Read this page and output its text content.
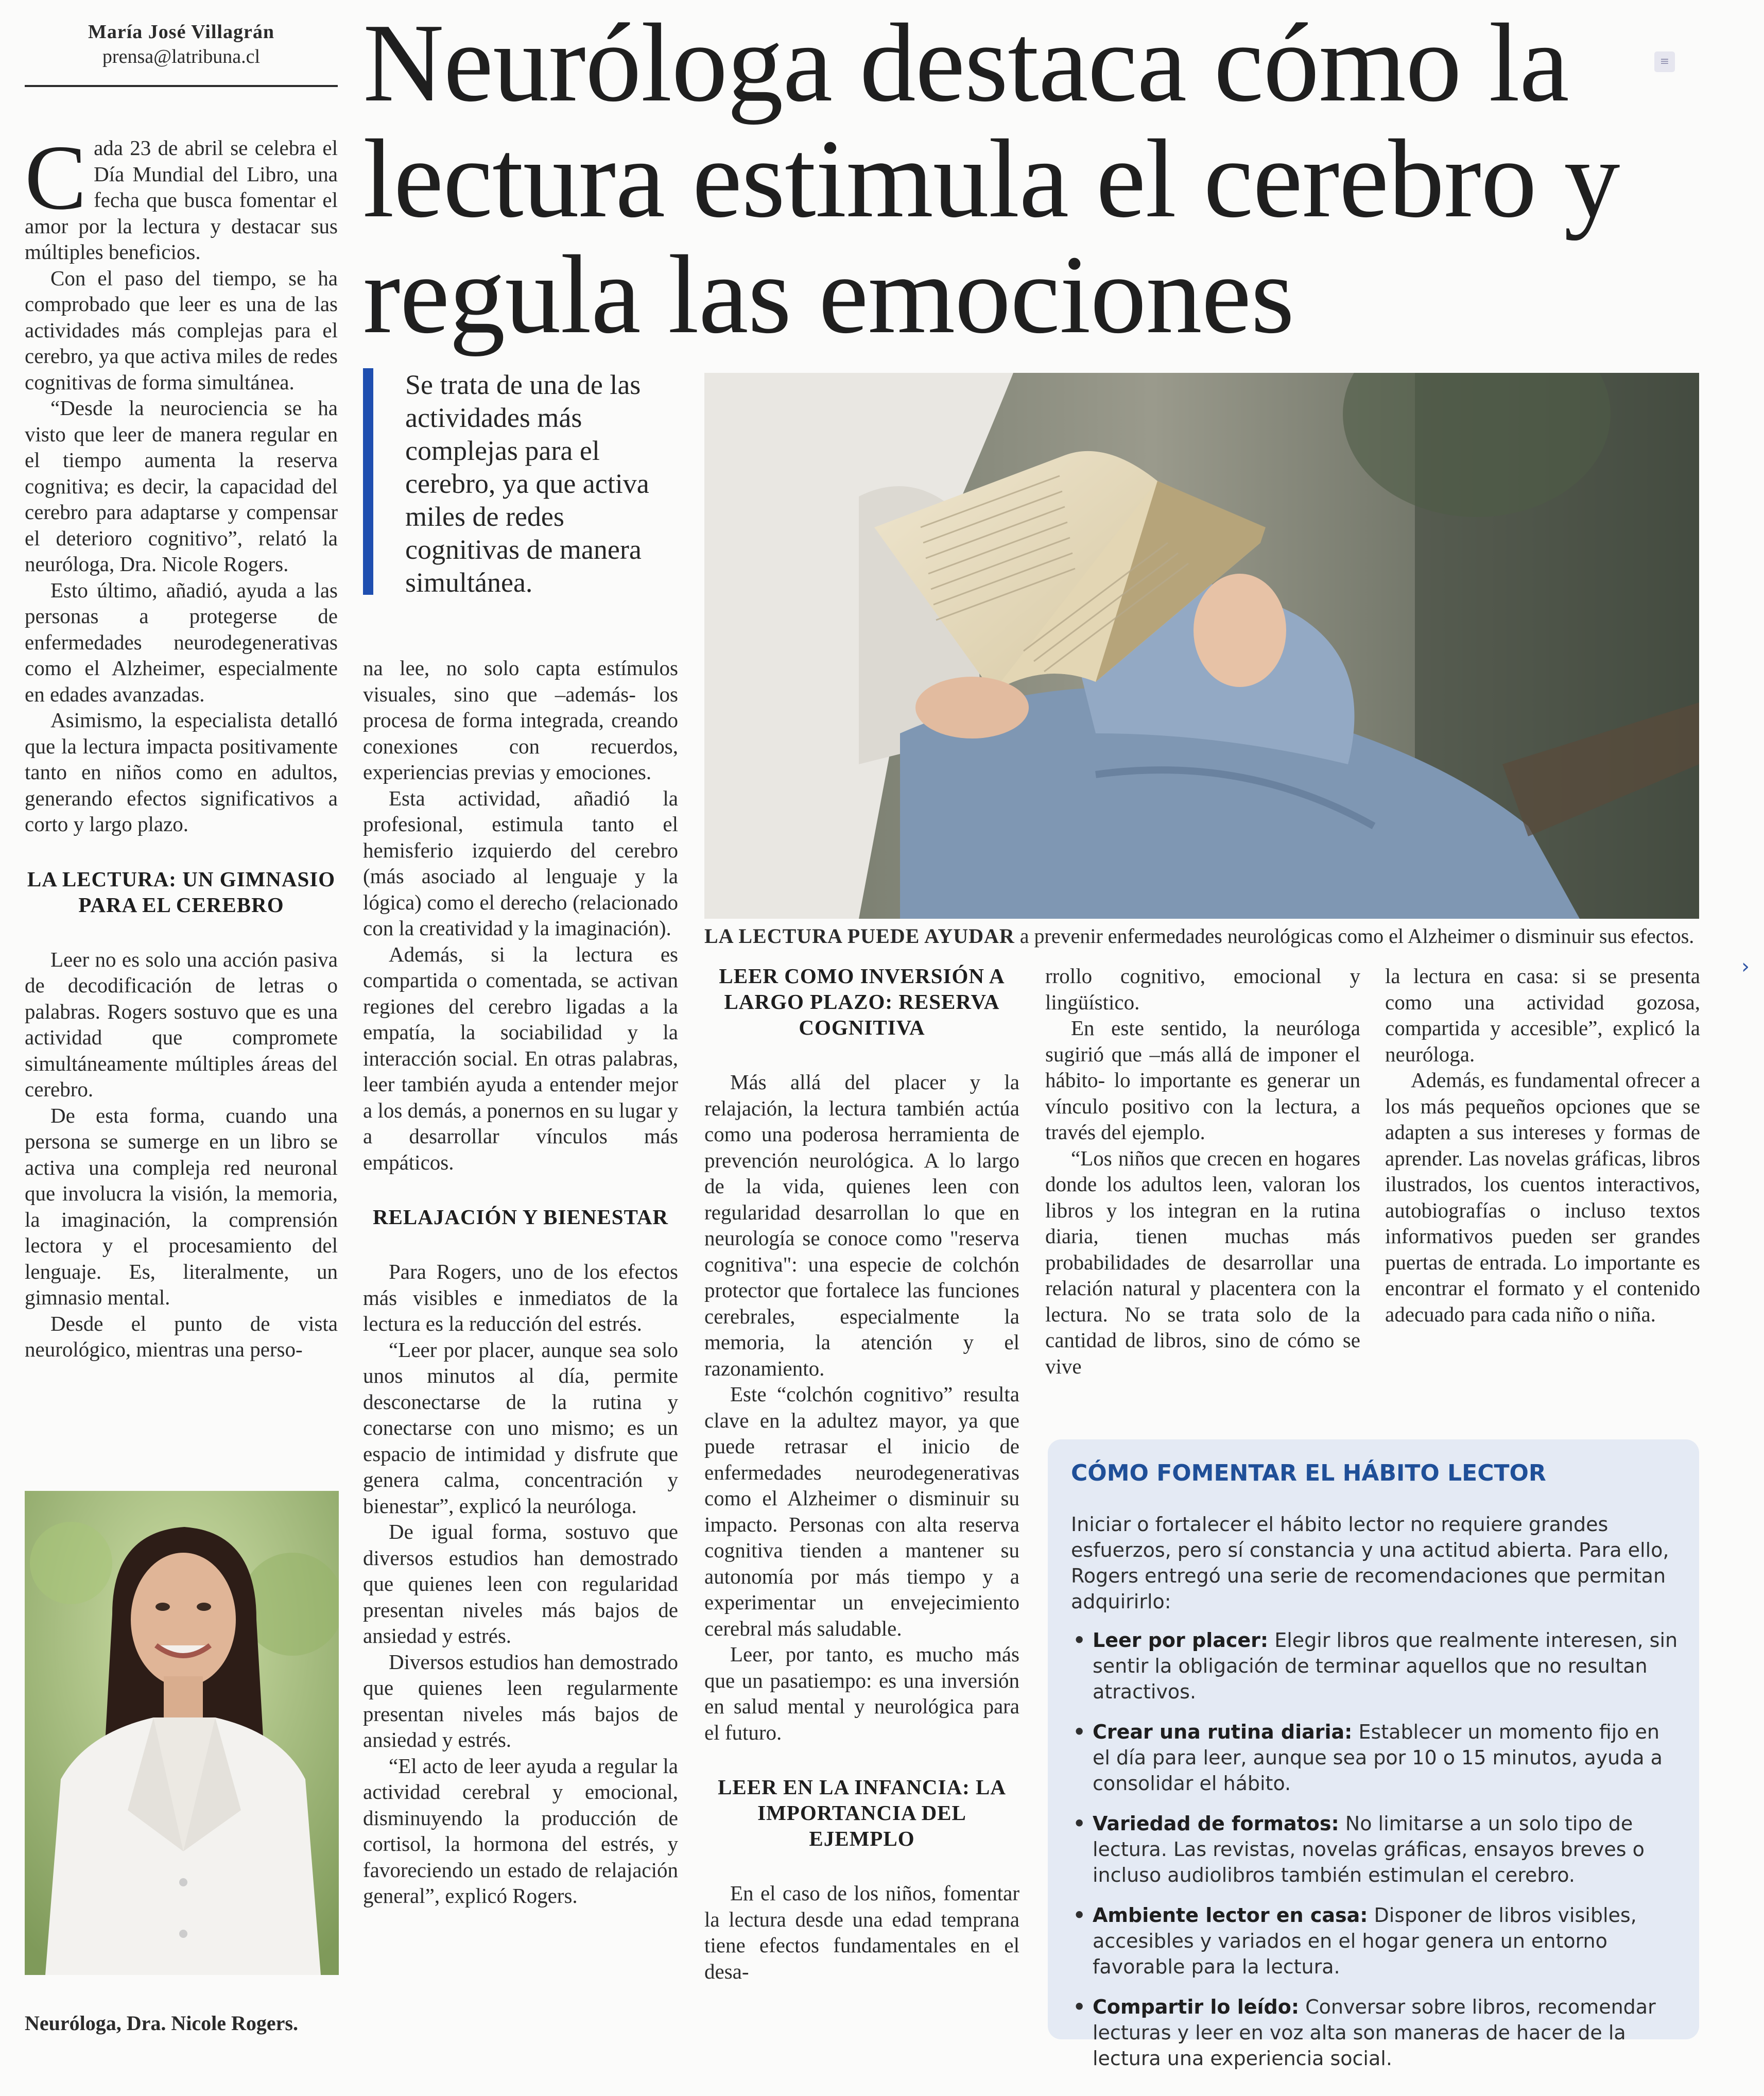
María José Villagrán
prensa@latribuna.cl Neuróloga destaca cómo la lectura estimula el cerebro y regula las emociones
≡
Se trata de una de las actividades más complejas para el cerebro, ya que activa miles de redes cognitivas de manera simultánea.
LA LECTURA PUEDE AYUDAR a prevenir enfermedades neurológicas como el Alzheimer o disminuir sus efectos.

Cada 23 de abril se celebra el Día Mundial del Libro, una fecha que busca fomentar el amor por la lectura y destacar sus múltiples beneficios.

Con el paso del tiempo, se ha comprobado que leer es una de las actividades más complejas para el cerebro, ya que activa miles de redes cognitivas de forma simultánea.

“Desde la neurociencia se ha visto que leer de manera regular en el tiempo aumenta la reserva cognitiva; es decir, la capacidad del cerebro para adaptarse y compensar el deterioro cognitivo”, relató la neuróloga, Dra. Nicole Rogers.

Esto último, añadió, ayuda a las personas a protegerse de enfermedades neurodegenerativas como el Alzheimer, especialmente en edades avanzadas.

Asimismo, la especialista detalló que la lectura impacta positivamente tanto en niños como en adultos, generando efectos significativos a corto y largo plazo.

LA LECTURA: UN GIMNASIO PARA EL CEREBRO

Leer no es solo una acción pasiva de decodificación de letras o palabras. Rogers sostuvo que es una actividad que compromete simultáneamente múltiples áreas del cerebro.

De esta forma, cuando una persona se sumerge en un libro se activa una compleja red neuronal que involucra la visión, la memoria, la imaginación, la comprensión lectora y el procesamiento del lenguaje. Es, literalmente, un gimnasio mental.

Desde el punto de vista neurológico, mientras una perso-

Neuróloga, Dra. Nicole Rogers.

na lee, no solo capta estímulos visuales, sino que –además- los procesa de forma integrada, creando conexiones con recuerdos, experiencias previas y emociones.

Esta actividad, añadió la profesional, estimula tanto el hemisferio izquierdo del cerebro (más asociado al lenguaje y la lógica) como el derecho (relacionado con la creatividad y la imaginación).

Además, si la lectura es compartida o comentada, se activan regiones del cerebro ligadas a la empatía, la sociabilidad y la interacción social. En otras palabras, leer también ayuda a entender mejor a los demás, a ponernos en su lugar y a desarrollar vínculos más empáticos.

RELAJACIÓN Y BIENESTAR

Para Rogers, uno de los efectos más visibles e inmediatos de la lectura es la reducción del estrés.

“Leer por placer, aunque sea solo unos minutos al día, permite desconectarse de la rutina y conectarse con uno mismo; es un espacio de intimidad y disfrute que genera calma, concentración y bienestar”, explicó la neuróloga.

De igual forma, sostuvo que diversos estudios han demostrado que quienes leen con regularidad presentan niveles más bajos de ansiedad y estrés.

Diversos estudios han demostrado que quienes leen regularmente presentan niveles más bajos de ansiedad y estrés.

“El acto de leer ayuda a regular la actividad cerebral y emocional, disminuyendo la producción de cortisol, la hormona del estrés, y favoreciendo un estado de relajación general”, explicó Rogers.

LEER COMO INVERSIÓN A LARGO PLAZO: RESERVA COGNITIVA

Más allá del placer y la relajación, la lectura también actúa como una poderosa herramienta de prevención neurológica. A lo largo de la vida, quienes leen con regularidad desarrollan lo que en neurología se conoce como "reserva cognitiva": una especie de colchón protector que fortalece las funciones cerebrales, especialmente la memoria, la atención y el razonamiento.

Este “colchón cognitivo” resulta clave en la adultez mayor, ya que puede retrasar el inicio de enfermedades neurodegenerativas como el Alzheimer o disminuir su impacto. Personas con alta reserva cognitiva tienden a mantener su autonomía por más tiempo y a experimentar un envejecimiento cerebral más saludable.

Leer, por tanto, es mucho más que un pasatiempo: es una inversión en salud mental y neurológica para el futuro.

LEER EN LA INFANCIA: LA IMPORTANCIA DEL EJEMPLO

En el caso de los niños, fomentar la lectura desde una edad temprana tiene efectos fundamentales en el desa-

rrollo cognitivo, emocional y lingüístico.

En este sentido, la neuróloga sugirió que –más allá de imponer el hábito- lo importante es generar un vínculo positivo con la lectura, a través del ejemplo.

“Los niños que crecen en hogares donde los adultos leen, valoran los libros y los integran en la rutina diaria, tienen muchas más probabilidades de desarrollar una relación natural y placentera con la lectura. No se trata solo de la cantidad de libros, sino de cómo se vive

la lectura en casa: si se presenta como una actividad gozosa, compartida y accesible”, explicó la neuróloga.

Además, es fundamental ofrecer a los más pequeños opciones que se adapten a sus intereses y formas de aprender. Las novelas gráficas, libros ilustrados, los cuentos interactivos, autobiografías o incluso textos informativos pueden ser grandes puertas de entrada. Lo importante es encontrar el formato y el contenido adecuado para cada niño o niña.

CÓMO FOMENTAR EL HÁBITO LECTOR
Iniciar o fortalecer el hábito lector no requiere grandes esfuerzos, pero sí constancia y una actitud abierta. Para ello, Rogers entregó una serie de recomendaciones que permitan adquirirlo:
• Leer por placer: Elegir libros que realmente interesen, sin sentir la obligación de terminar aquellos que no resultan atractivos.
• Crear una rutina diaria: Establecer un momento fijo en el día para leer, aunque sea por 10 o 15 minutos, ayuda a consolidar el hábito.
• Variedad de formatos: No limitarse a un solo tipo de lectura. Las revistas, novelas gráficas, ensayos breves o incluso audiolibros también estimulan el cerebro.
• Ambiente lector en casa: Disponer de libros visibles, accesibles y variados en el hogar genera un entorno favorable para la lectura.
• Compartir lo leído: Conversar sobre libros, recomendar lecturas y leer en voz alta son maneras de hacer de la lectura una experiencia social.
›
